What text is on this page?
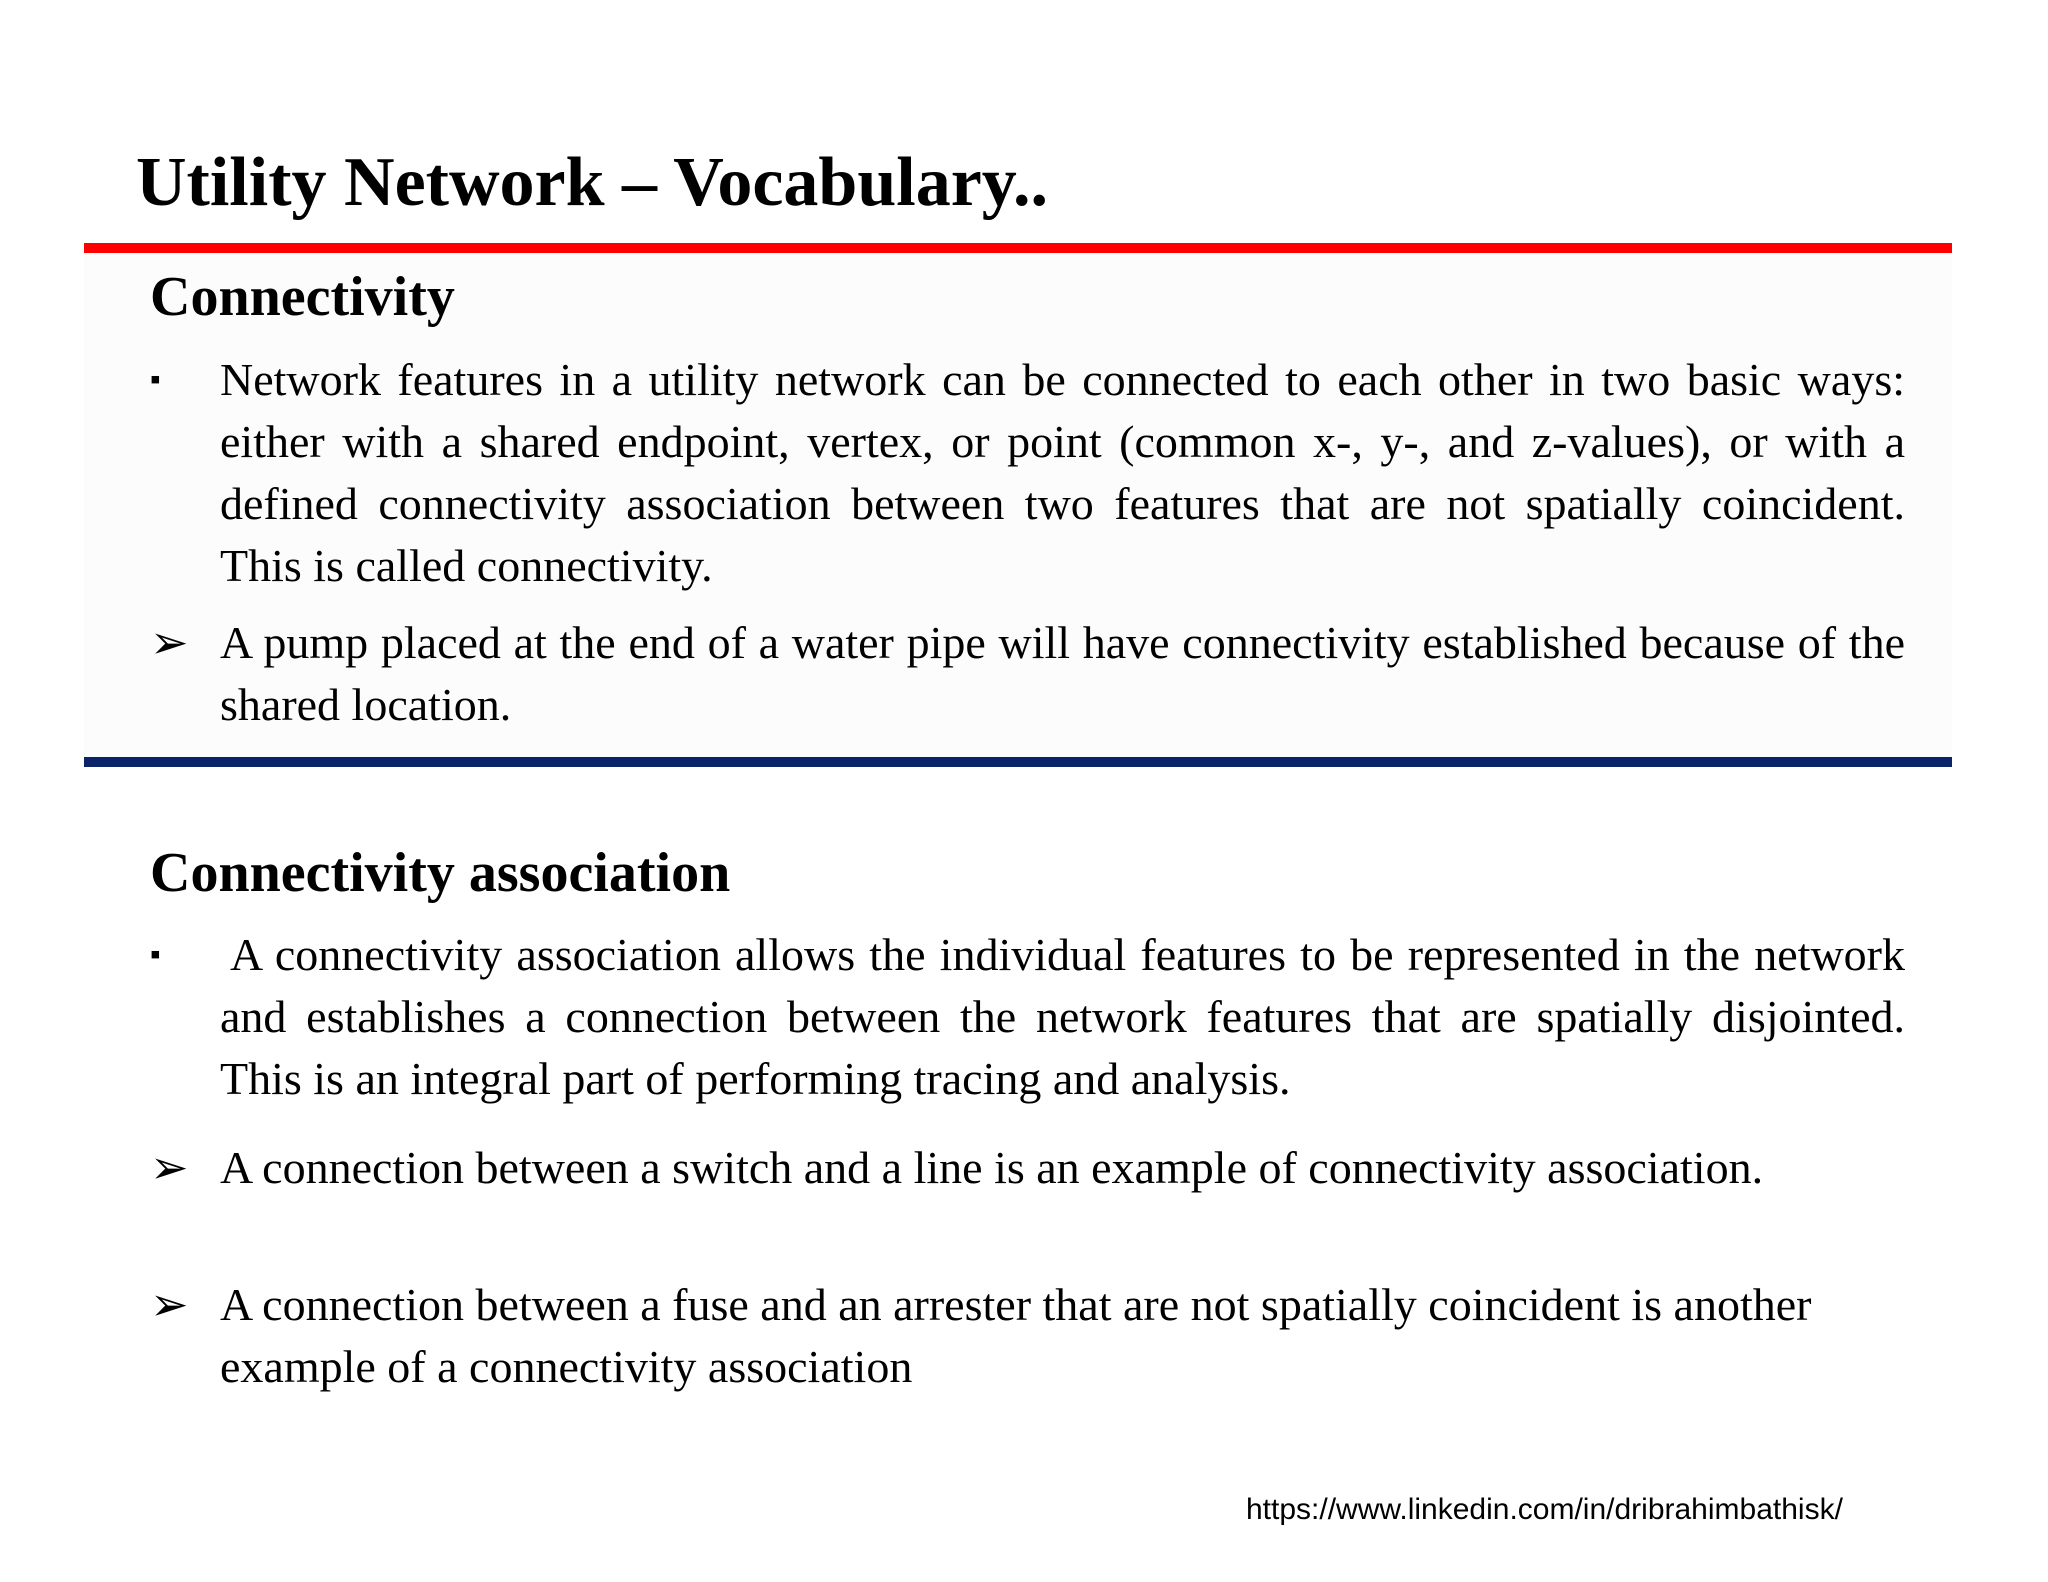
Utility Network – Vocabulary..
Connectivity
▪	Network features in a utility network can be connected to each other in two basic ways: either with a shared endpoint, vertex, or point (common x-, y-, and z-values), or with a defined connectivity association between two features that are not spatially coincident. This is called connectivity.
➢ A pump placed at the end of a water pipe will have connectivity established because of the shared location.
Connectivity association
▪	A connectivity association allows the individual features to be represented in the network and establishes a connection between the network features that are spatially disjointed. This is an integral part of performing tracing and analysis.
➢ A connection between a switch and a line is an example of connectivity association.
➢ A connection between a fuse and an arrester that are not spatially coincident is another example of a connectivity association
https://www.linkedin.com/in/dribrahimbathisk/
